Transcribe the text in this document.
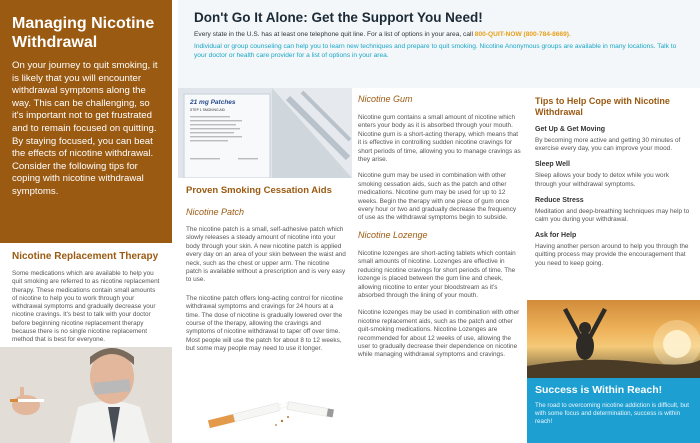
Managing Nicotine Withdrawal
On your journey to quit smoking, it is likely that you will encounter withdrawal symptoms along the way. This can be challenging, so it's important not to get frustrated and to remain focused on quitting. By staying focused, you can beat the effects of nicotine withdrawal. Consider the following tips for coping with nicotine withdrawal symptoms.
Nicotine Replacement Therapy
Some medications which are available to help you quit smoking are referred to as nicotine replacement therapy. These medications contain small amounts of nicotine to help you to work through your withdrawal symptoms and gradually decrease your nicotine cravings. It's best to talk with your doctor before beginning nicotine replacement therapy because there is no single nicotine replacement method that is best for everyone.
Don't Go It Alone: Get the Support You Need!
Every state in the U.S. has at least one telephone quit line. For a list of options in your area, call 800-QUIT-NOW (800-784-8669).
Individual or group counseling can help you to learn new techniques and prepare to quit smoking. Nicotine Anonymous groups are available in many locations. Talk to your doctor or health care provider for a list of options in your area.
21 mg Patches
STEP 1 SMOKING AID
Proven Smoking Cessation Aids
Nicotine Patch
The nicotine patch is a small, self-adhesive patch which slowly releases a steady amount of nicotine into your body through your skin. A new nicotine patch is applied every day on an area of your skin between the waist and neck, such as the chest or upper arm. The nicotine patch is available without a prescription and is very easy to use.
The nicotine patch offers long-acting control for nicotine withdrawal symptoms and cravings for 24 hours at a time. The dose of nicotine is gradually lowered over the course of the therapy, allowing the cravings and symptoms of nicotine withdrawal to taper off over time. Most people will use the patch for about 8 to 12 weeks, but some may people may need to use it longer.
Nicotine Gum
Nicotine gum contains a small amount of nicotine which enters your body as it is absorbed through your mouth. Nicotine gum is a short-acting therapy, which means that it is effective in controlling sudden nicotine cravings for short periods of time, allowing you to manage cravings as they arise.
Nicotine gum may be used in combination with other smoking cessation aids, such as the patch and other medications. Nicotine gum may be used for up to 12 weeks. Begin the therapy with one piece of gum once every hour or two and gradually decrease the frequency of use as the withdrawal symptoms begin to subside.
Nicotine Lozenge
Nicotine lozenges are short-acting tablets which contain small amounts of nicotine. Lozenges are effective in reducing nicotine cravings for short periods of time. The lozenge is placed between the gum line and cheek, allowing nicotine to enter your bloodstream as it's absorbed through the lining of your mouth.
Nicotine lozenges may be used in combination with other nicotine replacement aids, such as the patch and other quit-smoking medications. Nicotine Lozenges are recommended for about 12 weeks of use, allowing the user to gradually decrease their dependence on nicotine while managing withdrawal symptoms and cravings.
Tips to Help Cope with Nicotine Withdrawal
Get Up & Get Moving
By becoming more active and getting 30 minutes of exercise every day, you can improve your mood.
Sleep Well
Sleep allows your body to detox while you work through your withdrawal symptoms.
Reduce Stress
Meditation and deep-breathing techniques may help to calm you during your withdrawal.
Ask for Help
Having another person around to help you through the quitting process may provide the encouragement that you need to keep going.
Success is Within Reach!
The road to overcoming nicotine addiction is difficult, but with some focus and determination, success is within reach!
